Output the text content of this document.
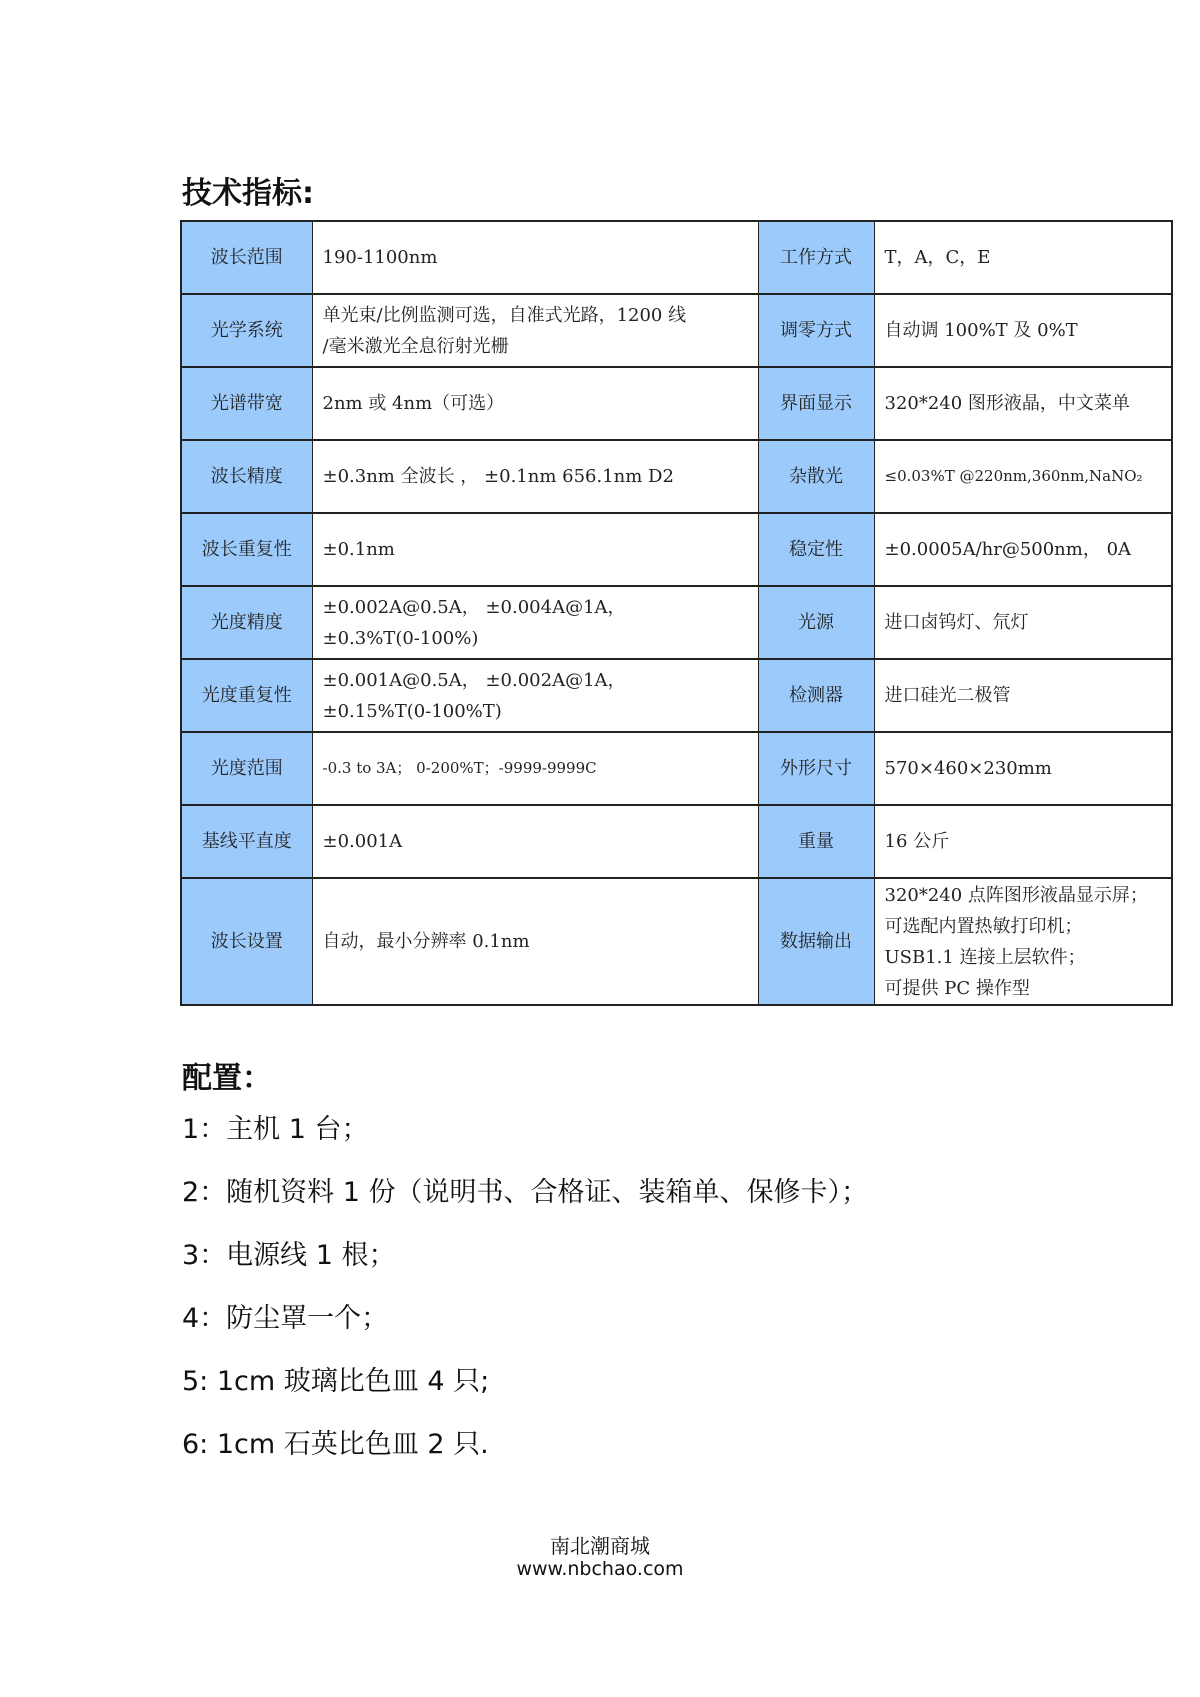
技术指标:
波长范围	190-1100nm	工作方式	T，A，C，E

光学系统	单光束/比例监测可选，自准式光路，1200 线
/毫米激光全息衍射光栅	调零方式	自动调 100%T 及 0%T

光谱带宽	2nm 或 4nm（可选）	界面显示	320*240 图形液晶，中文菜单

波长精度	±0.3nm 全波长 ， ±0.1nm 656.1nm D2	杂散光	≤0.03%T @220nm,360nm,NaNO₂

波长重复性	±0.1nm	稳定性	±0.0005A/hr@500nm， 0A

光度精度	±0.002A@0.5A， ±0.004A@1A，
±0.3%T(0-100%)	光源	进口卤钨灯、氘灯

光度重复性	±0.001A@0.5A， ±0.002A@1A，
±0.15%T(0-100%T)	检测器	进口硅光二极管

光度范围	-0.3 to 3A； 0-200%T；-9999-9999C	外形尺寸	570×460×230mm

基线平直度	±0.001A	重量	16 公斤

波长设置	自动，最小分辨率 0.1nm	数据输出	320*240 点阵图形液晶显示屏；
可选配内置热敏打印机；
USB1.1 连接上层软件；
可提供 PC 操作型
配置：
1：主机 1 台；
2：随机资料 1 份（说明书、合格证、装箱单、保修卡）；
3：电源线 1 根；
4：防尘罩一个；
5: 1cm 玻璃比色皿 4 只;
6: 1cm 石英比色皿 2 只.
南北潮商城
www.nbchao.com
